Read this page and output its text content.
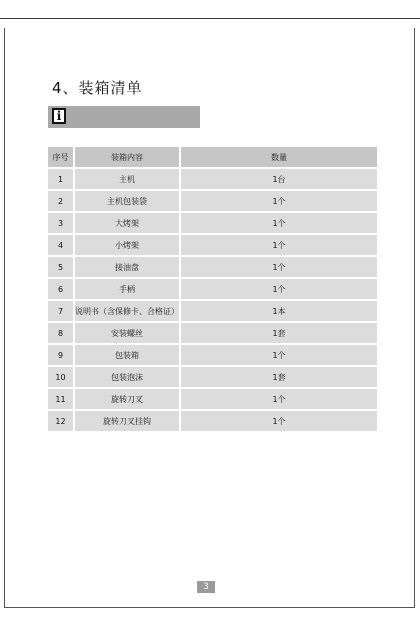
4、装箱清单
i
序号	装箱内容	数量
1	主机	1台
2	主机包装袋	1个
3	大烤架	1个
4	小烤架	1个
5	接油盘	1个
6	手柄	1个
7	说明书（含保修卡、合格证）	1本
8	安装螺丝	1套
9	包装箱	1个
10	包装泡沫	1套
11	旋转刀叉	1个
12	旋转刀叉挂钩	1个
3
